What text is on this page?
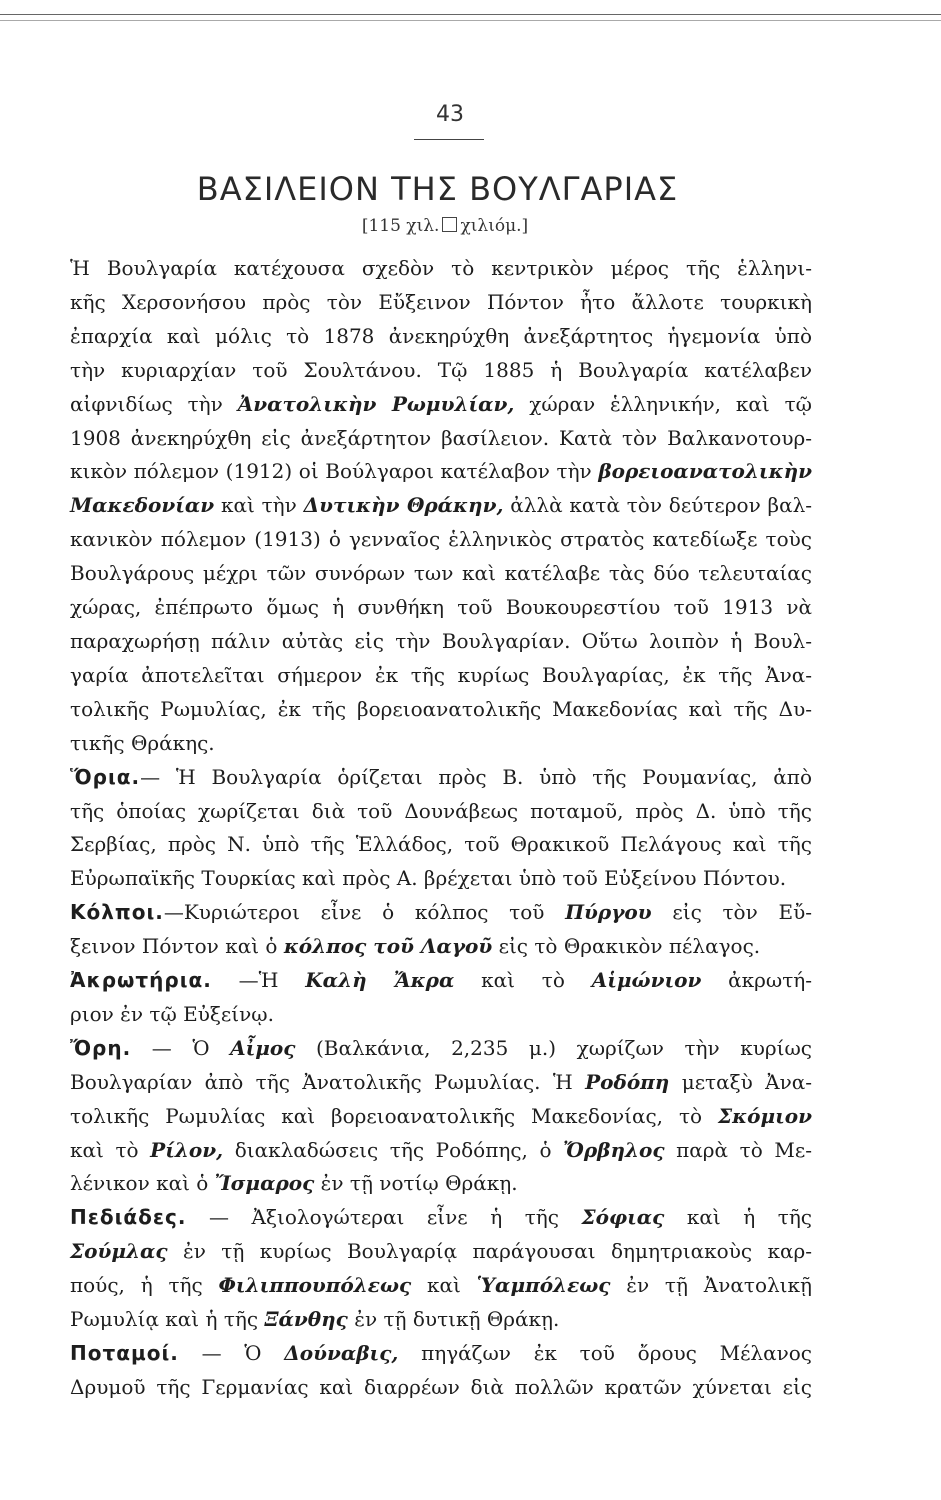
43
ΒΑΣΙΛΕΙΟΝ ΤΗΣ ΒΟΥΛΓΑΡΙΑΣ
[115 χιλ. χιλιόμ.]
Ἡ Βουλγαρία κατέχουσα σχεδὸν τὸ κεντρικὸν μέρος τῆς ἑλληνι-
κῆς Χερσονήσου πρὸς τὸν Εὔξεινον Πόντον ἦτο ἄλλοτε τουρκικὴ
ἐπαρχία καὶ μόλις τὸ 1878 ἀνεκηρύχθη ἀνεξάρτητος ἡγεμονία ὑπὸ
τὴν κυριαρχίαν τοῦ Σουλτάνου. Τῷ 1885 ἡ Βουλγαρία κατέλαβεν
αἰφνιδίως τὴν Ἀνατολικὴν Ρωμυλίαν, χώραν ἑλληνικήν, καὶ τῷ
1908 ἀνεκηρύχθη εἰς ἀνεξάρτητον βασίλειον. Κατὰ τὸν Βαλκανοτουρ-
κικὸν πόλεμον (1912) οἱ Βούλγαροι κατέλαβον τὴν βορειοανατολικὴν
Μακεδονίαν καὶ τὴν Δυτικὴν Θράκην, ἀλλὰ κατὰ τὸν δεύτερον βαλ-
κανικὸν πόλεμον (1913) ὁ γενναῖος ἑλληνικὸς στρατὸς κατεδίωξε τοὺς
Βουλγάρους μέχρι τῶν συνόρων των καὶ κατέλαβε τὰς δύο τελευταίας
χώρας, ἐπέπρωτο ὅμως ἡ συνθήκη τοῦ Βουκουρεστίου τοῦ 1913 νὰ
παραχωρήσῃ πάλιν αὐτὰς εἰς τὴν Βουλγαρίαν. Οὕτω λοιπὸν ἡ Βουλ-
γαρία ἀποτελεῖται σήμερον ἐκ τῆς κυρίως Βουλγαρίας, ἐκ τῆς Ἀνα-
τολικῆς Ρωμυλίας, ἐκ τῆς βορειοανατολικῆς Μακεδονίας καὶ τῆς Δυ-
τικῆς Θράκης.
Ὅρια.— Ἡ Βουλγαρία ὁρίζεται πρὸς Β. ὑπὸ τῆς Ρουμανίας, ἀπὸ
τῆς ὁποίας χωρίζεται διὰ τοῦ Δουνάβεως ποταμοῦ, πρὸς Δ. ὑπὸ τῆς
Σερβίας, πρὸς Ν. ὑπὸ τῆς Ἑλλάδος, τοῦ Θρακικοῦ Πελάγους καὶ τῆς
Εὐρωπαϊκῆς Τουρκίας καὶ πρὸς Α. βρέχεται ὑπὸ τοῦ Εὐξείνου Πόντου.
Κόλποι.—Κυριώτεροι εἶνε ὁ κόλπος τοῦ Πύργου εἰς τὸν Εὔ-
ξεινον Πόντον καὶ ὁ κόλπος τοῦ Λαγοῦ εἰς τὸ Θρακικὸν πέλαγος.
Ἀκρωτήρια. —Ἡ Καλὴ Ἄκρα καὶ τὸ Αἱμώνιον ἀκρωτή-
ριον ἐν τῷ Εὐξείνῳ.
Ὄρη. — Ὁ Αἶμος (Βαλκάνια, 2,235 μ.) χωρίζων τὴν κυρίως
Βουλγαρίαν ἀπὸ τῆς Ἀνατολικῆς Ρωμυλίας. Ἡ Ροδόπη μεταξὺ Ἀνα-
τολικῆς Ρωμυλίας καὶ βορειοανατολικῆς Μακεδονίας, τὸ Σκόμιον
καὶ τὸ Ρίλον, διακλαδώσεις τῆς Ροδόπης, ὁ Ὄρβηλος παρὰ τὸ Με-
λένικον καὶ ὁ Ἴσμαρος ἐν τῇ νοτίῳ Θράκῃ.
Πεδιάδες. — Ἀξιολογώτεραι εἶνε ἡ τῆς Σόφιας καὶ ἡ τῆς
Σούμλας ἐν τῇ κυρίως Βουλγαρίᾳ παράγουσαι δημητριακοὺς καρ-
πούς, ἡ τῆς Φιλιππουπόλεως καὶ Ὑαμπόλεως ἐν τῇ Ἀνατολικῇ
Ρωμυλίᾳ καὶ ἡ τῆς Ξάνθης ἐν τῇ δυτικῇ Θράκῃ.
Ποταμοί. — Ὁ Δούναβις, πηγάζων ἐκ τοῦ ὄρους Μέλανος
Δρυμοῦ τῆς Γερμανίας καὶ διαρρέων διὰ πολλῶν κρατῶν χύνεται εἰς
